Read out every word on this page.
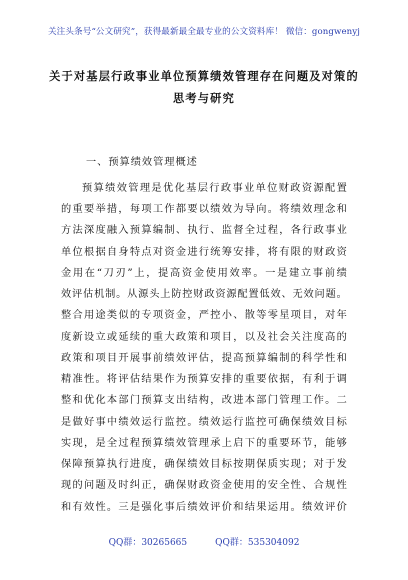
关注头条号“公文研究”，获得最新最全最专业的公文资料库！ 微信：gongwenyj
关于对基层行政事业单位预算绩效管理存在问题及对策的
思考与研究
一、预算绩效管理概述
预算绩效管理是优化基层行政事业单位财政资源配置
的重要举措，每项工作都要以绩效为导向。将绩效理念和
方法深度融入预算编制、执行、监督全过程，各行政事业
单位根据自身特点对资金进行统筹安排，将有限的财政资
金用在“刀刃”上，提高资金使用效率。一是建立事前绩
效评估机制。从源头上防控财政资源配置低效、无效问题。
整合用途类似的专项资金，严控小、散等零星项目，对年
度新设立或延续的重大政策和项目，以及社会关注度高的
政策和项目开展事前绩效评估，提高预算编制的科学性和
精准性。将评估结果作为预算安排的重要依据，有利于调
整和优化本部门预算支出结构，改进本部门管理工作。二
是做好事中绩效运行监控。绩效运行监控可确保绩效目标
实现，是全过程预算绩效管理承上启下的重要环节，能够
保障预算执行进度，确保绩效目标按期保质实现；对于发
现的问题及时纠正，确保财政资金使用的安全性、合规性
和有效性。三是强化事后绩效评价和结果运用。绩效评价
QQ群：30265665	QQ群：535304092
